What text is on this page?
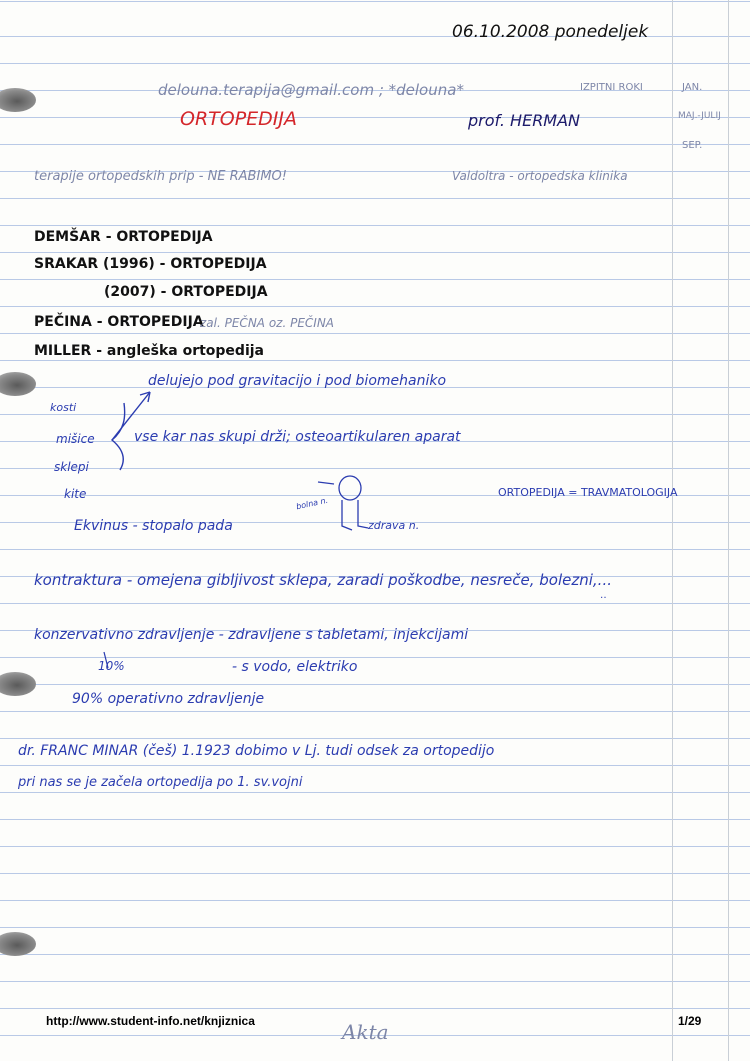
06.10.2008 ponedeljek
delouna.terapija@gmail.com ; *delouna*	IZPITNI ROKI	JAN.
MAJ.-JULIJ
SEP.
ORTOPEDIJA	prof. HERMAN
terapije ortopedskih prip - NE RABIMO!	Valdoltra - ortopedska klinika
DEMŠAR - ORTOPEDIJA
SRAKAR (1996) - ORTOPEDIJA
(2007) - ORTOPEDIJA
PEČINA - ORTOPEDIJA
zal. PEČNA oz. PEČINA
MILLER - angleška ortopedija
delujejo pod gravitacijo i pod biomehaniko
kosti
mišice
sklepi
kite
vse kar nas skupi drži; osteoartikularen aparat
ORTOPEDIJA = TRAVMATOLOGIJA
Ekvinus - stopalo pada
bolna n.
zdrava n.
kontraktura - omejena gibljivost sklepa, zaradi poškodbe, nesreče, bolezni,...
konzervativno zdravljenje - zdravljene s tabletami, injekcijami
10%	- s vodo, elektriko
90% operativno zdravljenje
dr. FRANC MINAR (češ) 1.1923 dobimo v Lj. tudi odsek za ortopedijo
pri nas se je začela ortopedija po 1. sv.vojni
‥
http://www.student-info.net/knjiznica	Akta	1/29
